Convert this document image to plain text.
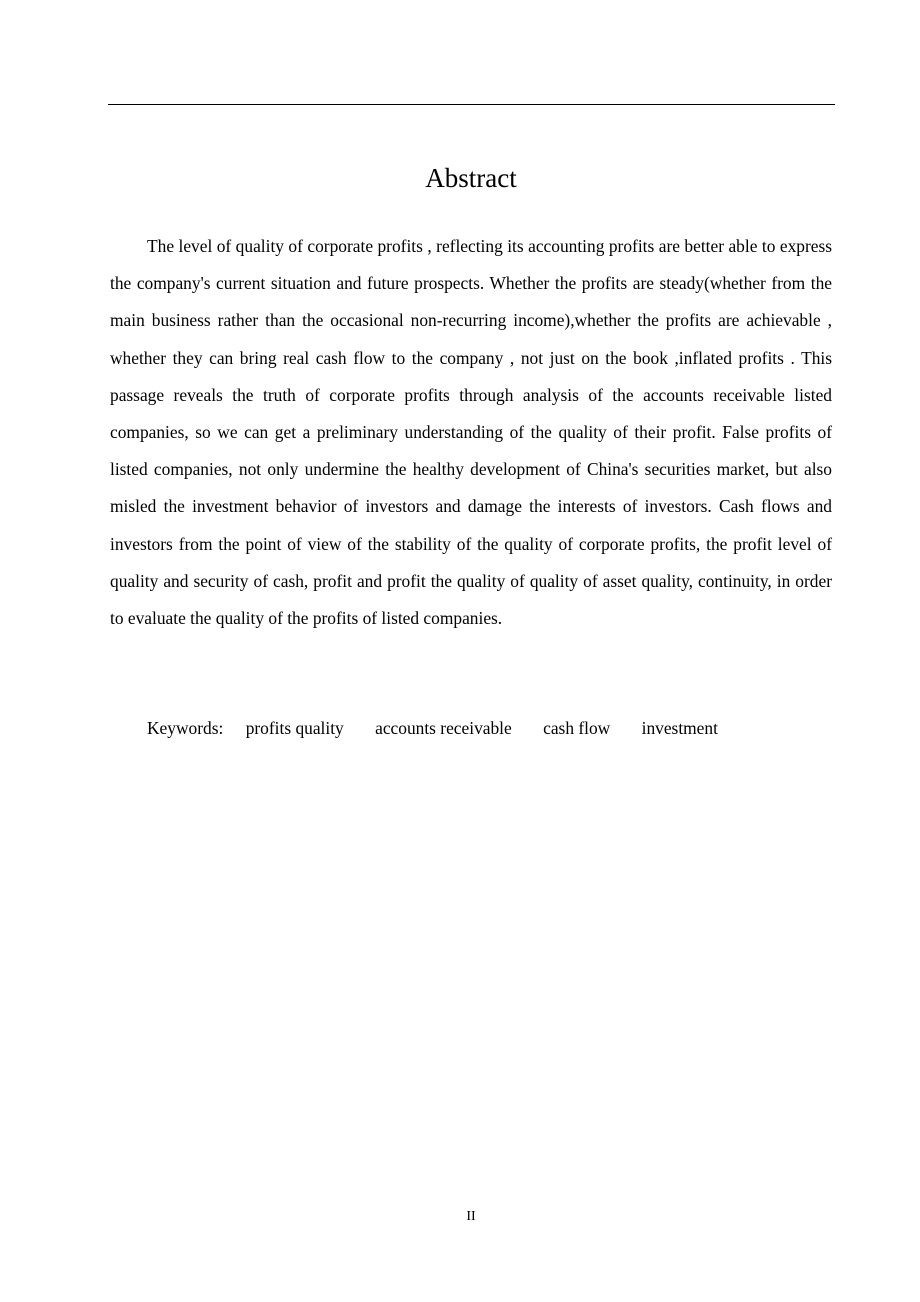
Abstract

The level of quality of corporate profits , reflecting its accounting profits are better able to express the company's current situation and future prospects. Whether the profits are steady(whether from the main business rather than the occasional non-recurring income),whether the profits are achievable , whether they can bring real cash flow to the company , not just on the book ,inflated profits . This passage reveals the truth of corporate profits through analysis of the accounts receivable listed companies, so we can get a preliminary understanding of the quality of their profit. False profits of listed companies, not only undermine the healthy development of China's securities market, but also misled the investment behavior of investors and damage the interests of investors. Cash flows and investors from the point of view of the stability of the quality of corporate profits, the profit level of quality and security of cash, profit and profit the quality of quality of asset quality, continuity, in order to evaluate the quality of the profits of listed companies.

Keywords: profits quality accounts receivable cash flow investment
II
